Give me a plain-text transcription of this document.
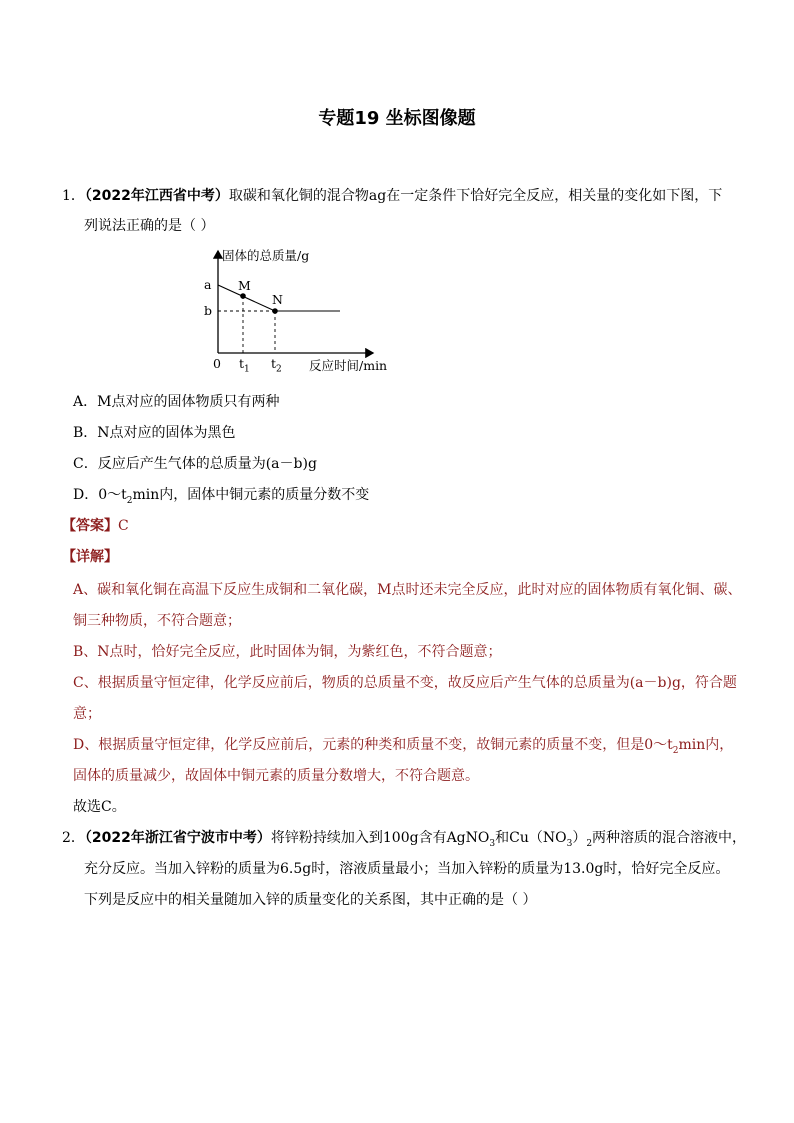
专题19 坐标图像题
1．（2022年江西省中考）取碳和氧化铜的混合物ag在一定条件下恰好完全反应，相关量的变化如下图，下
列说法正确的是（ ）
固体的总质量/g
a
b
M
N
0 $t_1$ $t_2$ 反应时间/min
A．M点对应的固体物质只有两种
B．N点对应的固体为黑色
C．反应后产生气体的总质量为(a－b)g
D．$0\sim t_2\min$内，固体中铜元素的质量分数不变
【答案】C
【详解】
A、碳和氧化铜在高温下反应生成铜和二氧化碳，M点时还未完全反应，此时对应的固体物质有氧化铜、碳、
铜三种物质，不符合题意；
B、N点时，恰好完全反应，此时固体为铜，为紫红色，不符合题意；
C、根据质量守恒定律，化学反应前后，物质的总质量不变，故反应后产生气体的总质量为(a－b)g，符合题
意；
D、根据质量守恒定律，化学反应前后，元素的种类和质量不变，故铜元素的质量不变，但是$0\sim t_2\min$内，
固体的质量减少，故固体中铜元素的质量分数增大，不符合题意。
故选C。
2．（2022年浙江省宁波市中考）将锌粉持续加入到100g含有AgNO$_3$和$Cu(NO_3)_2$两种溶质的混合溶液中，
充分反应。当加入锌粉的质量为6.5g时，溶液质量最小；当加入锌粉的质量为13.0g时，恰好完全反应。
下列是反应中的相关量随加入锌的质量变化的关系图，其中正确的是（ ）
